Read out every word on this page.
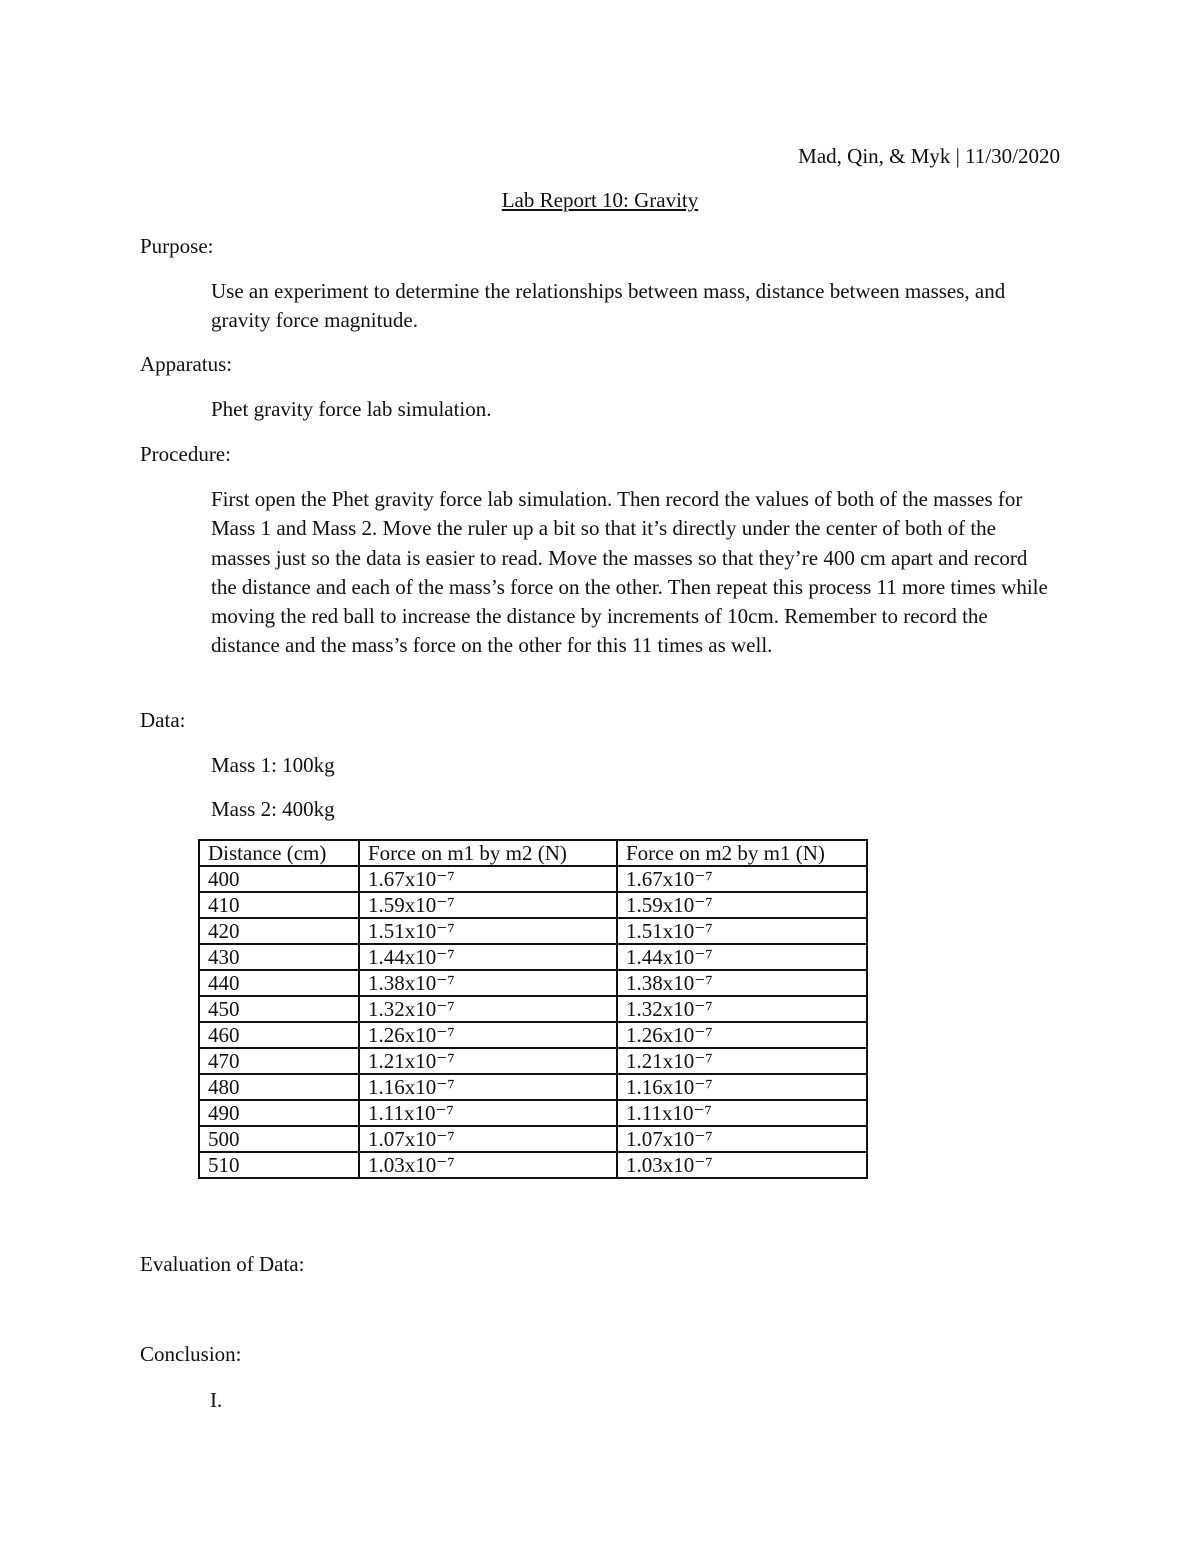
Mad, Qin, & Myk | 11/30/2020
Lab Report 10: Gravity
Purpose:
Use an experiment to determine the relationships between mass, distance between masses, and gravity force magnitude.
Apparatus:
Phet gravity force lab simulation.
Procedure:
First open the Phet gravity force lab simulation. Then record the values of both of the masses for Mass 1 and Mass 2. Move the ruler up a bit so that it’s directly under the center of both of the masses just so the data is easier to read. Move the masses so that they’re 400 cm apart and record the distance and each of the mass’s force on the other. Then repeat this process 11 more times while moving the red ball to increase the distance by increments of 10cm. Remember to record the distance and the mass’s force on the other for this 11 times as well.
Data:
Mass 1: 100kg
Mass 2: 400kg
Distance (cm)	Force on m1 by m2 (N)	Force on m2 by m1 (N)
400	1.67x10⁻⁷	1.67x10⁻⁷
410	1.59x10⁻⁷	1.59x10⁻⁷
420	1.51x10⁻⁷	1.51x10⁻⁷
430	1.44x10⁻⁷	1.44x10⁻⁷
440	1.38x10⁻⁷	1.38x10⁻⁷
450	1.32x10⁻⁷	1.32x10⁻⁷
460	1.26x10⁻⁷	1.26x10⁻⁷
470	1.21x10⁻⁷	1.21x10⁻⁷
480	1.16x10⁻⁷	1.16x10⁻⁷
490	1.11x10⁻⁷	1.11x10⁻⁷
500	1.07x10⁻⁷	1.07x10⁻⁷
510	1.03x10⁻⁷	1.03x10⁻⁷
Evaluation of Data:
Conclusion:
I.
